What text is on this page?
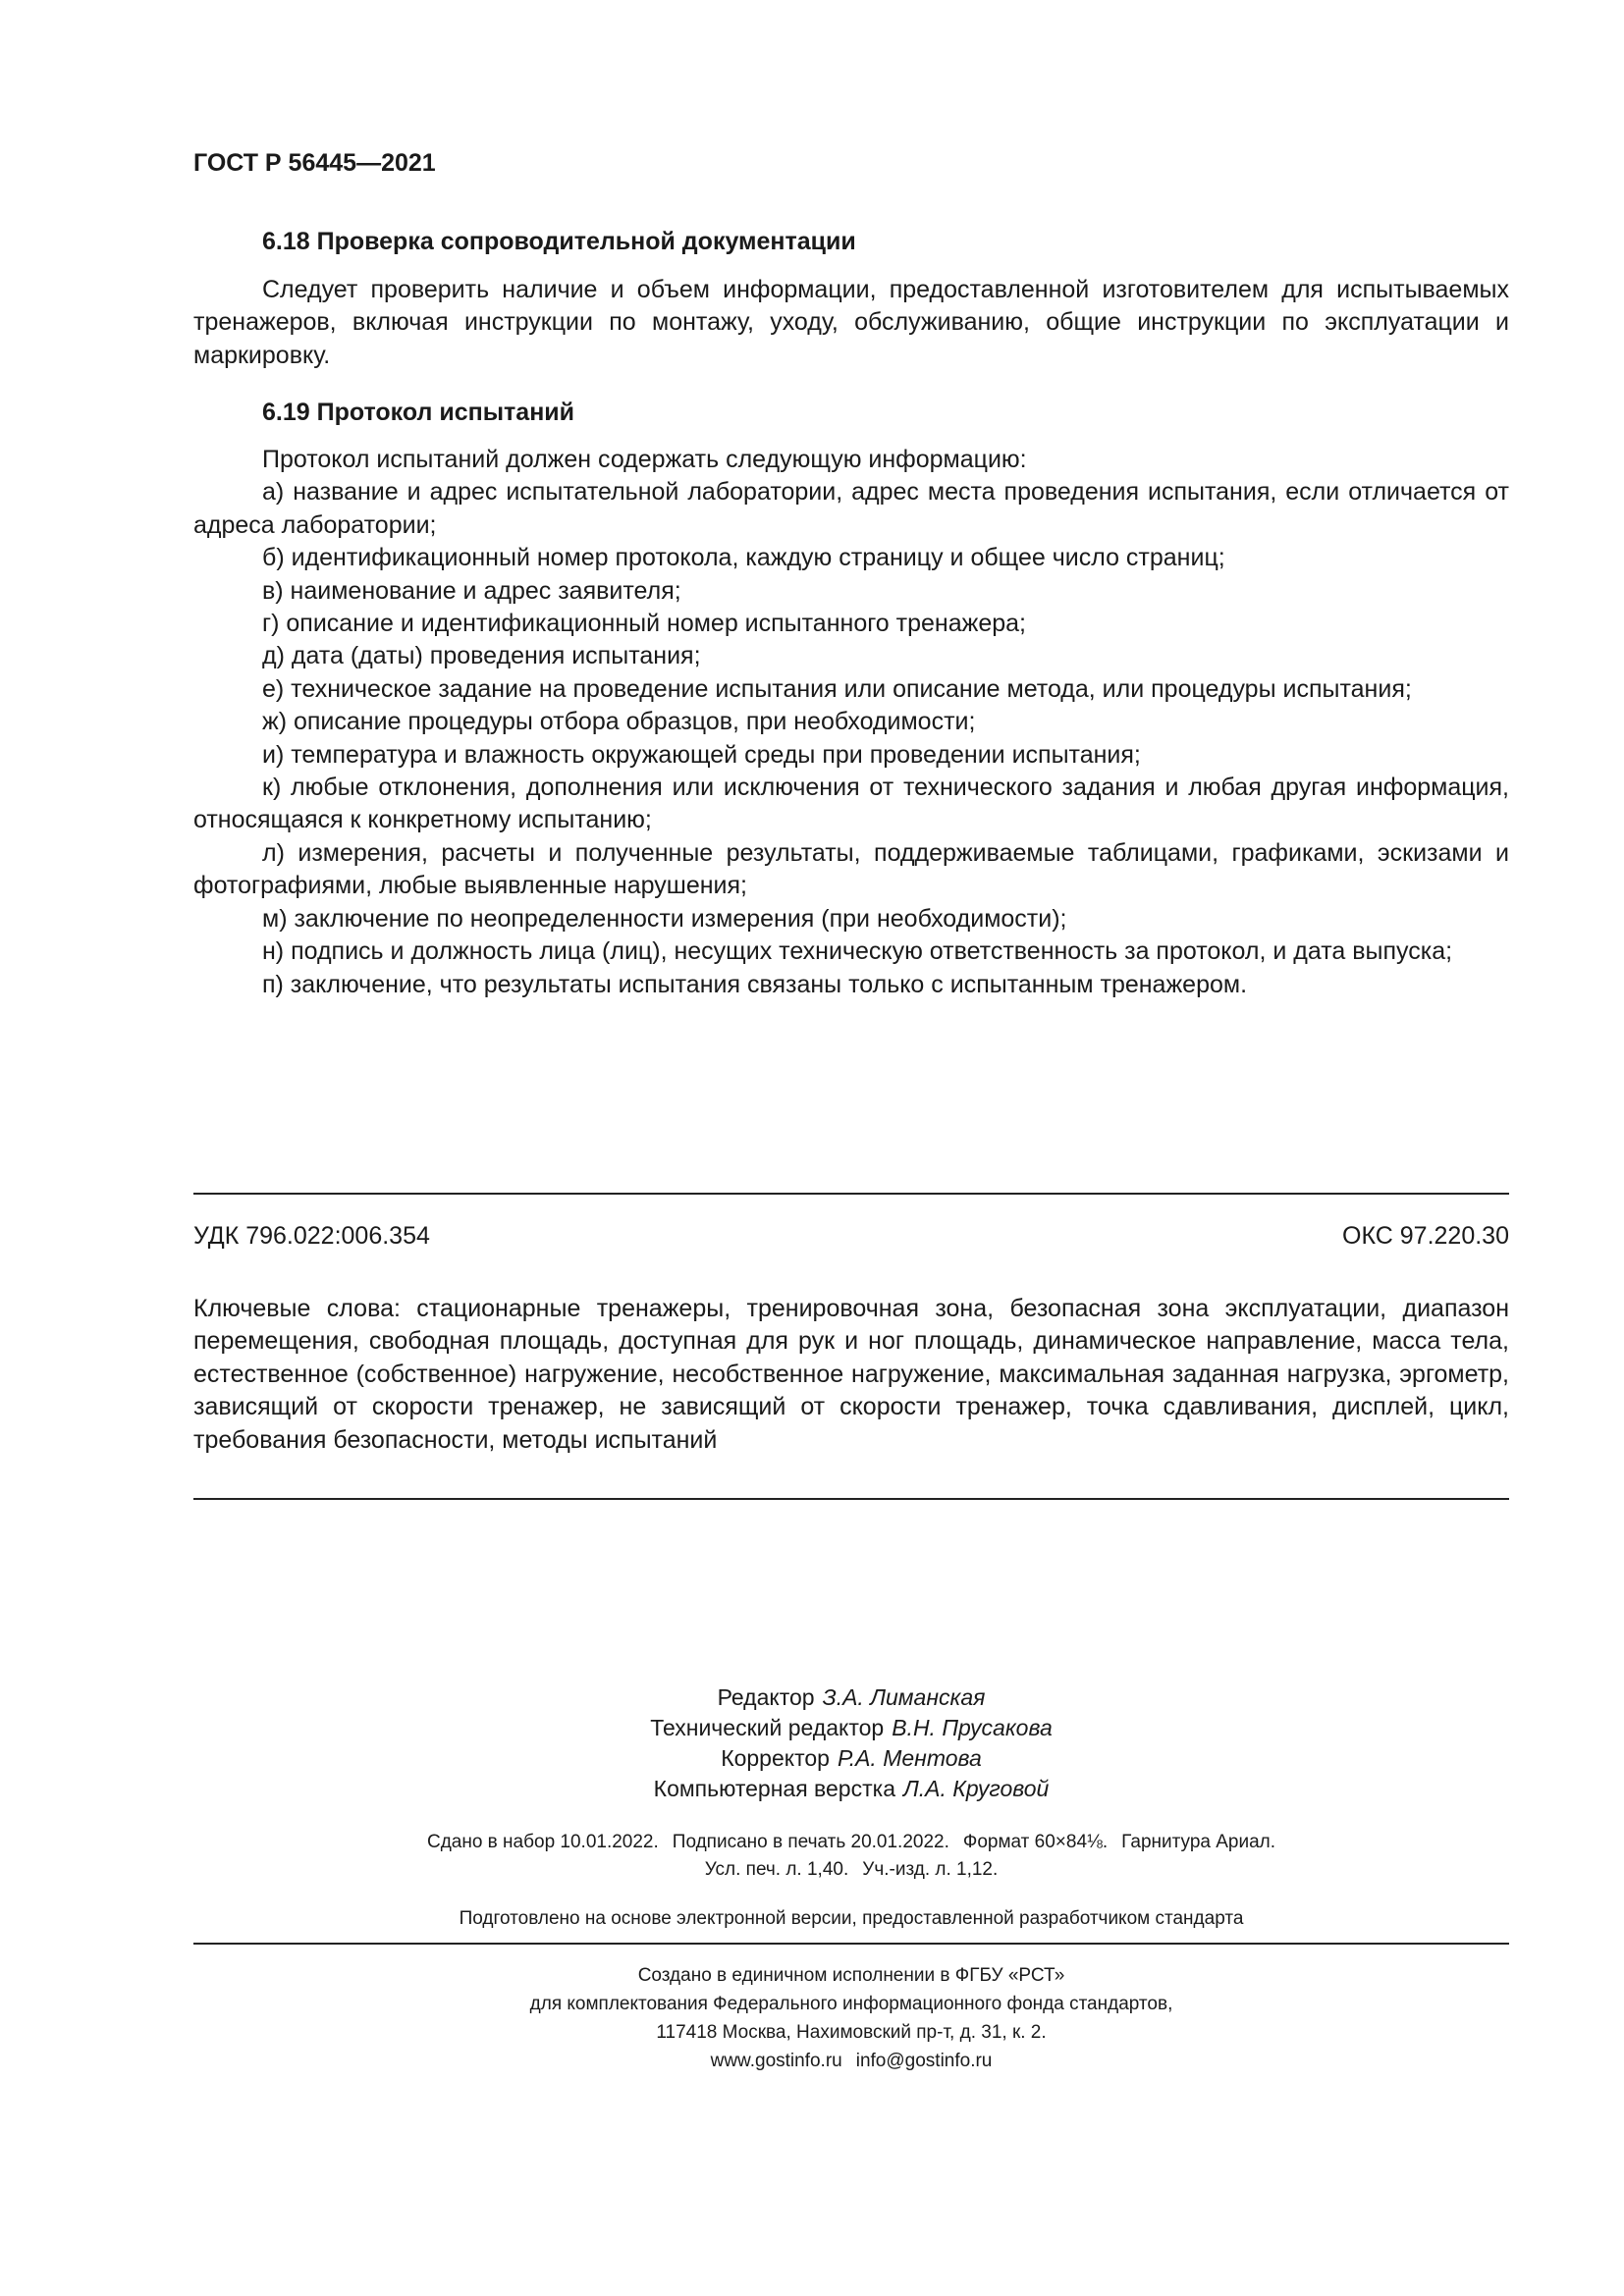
ГОСТ Р 56445—2021
6.18 Проверка сопроводительной документации

Следует проверить наличие и объем информации, предоставленной изготовителем для испытываемых тренажеров, включая инструкции по монтажу, уходу, обслуживанию, общие инструкции по эксплуатации и маркировку.

6.19 Протокол испытаний

Протокол испытаний должен содержать следующую информацию:

а) название и адрес испытательной лаборатории, адрес места проведения испытания, если отличается от адреса лаборатории;

б) идентификационный номер протокола, каждую страницу и общее число страниц;

в) наименование и адрес заявителя;

г) описание и идентификационный номер испытанного тренажера;

д) дата (даты) проведения испытания;

е) техническое задание на проведение испытания или описание метода, или процедуры испытания;

ж) описание процедуры отбора образцов, при необходимости;

и) температура и влажность окружающей среды при проведении испытания;

к) любые отклонения, дополнения или исключения от технического задания и любая другая информация, относящаяся к конкретному испытанию;

л) измерения, расчеты и полученные результаты, поддерживаемые таблицами, графиками, эскизами и фотографиями, любые выявленные нарушения;

м) заключение по неопределенности измерения (при необходимости);

н) подпись и должность лица (лиц), несущих техническую ответственность за протокол, и дата выпуска;

п) заключение, что результаты испытания связаны только с испытанным тренажером.

УДК 796.022:006.354	ОКС 97.220.30

Ключевые слова: стационарные тренажеры, тренировочная зона, безопасная зона эксплуатации, диапазон перемещения, свободная площадь, доступная для рук и ног площадь, динамическое направление, масса тела, естественное (собственное) нагружение, несобственное нагружение, максимальная заданная нагрузка, эргометр, зависящий от скорости тренажер, не зависящий от скорости тренажер, точка сдавливания, дисплей, цикл, требования безопасности, методы испытаний

Редактор З.А. Лиманская
Технический редактор В.Н. Прусакова
Корректор Р.А. Ментова
Компьютерная верстка Л.А. Круговой
Сдано в набор 10.01.2022. Подписано в печать 20.01.2022. Формат 60×84⅛. Гарнитура Ариал.
Усл. печ. л. 1,40. Уч.-изд. л. 1,12.
Подготовлено на основе электронной версии, предоставленной разработчиком стандарта
Создано в единичном исполнении в ФГБУ «РСТ»
для комплектования Федерального информационного фонда стандартов,
117418 Москва, Нахимовский пр-т, д. 31, к. 2.
www.gostinfo.ru info@gostinfo.ru
